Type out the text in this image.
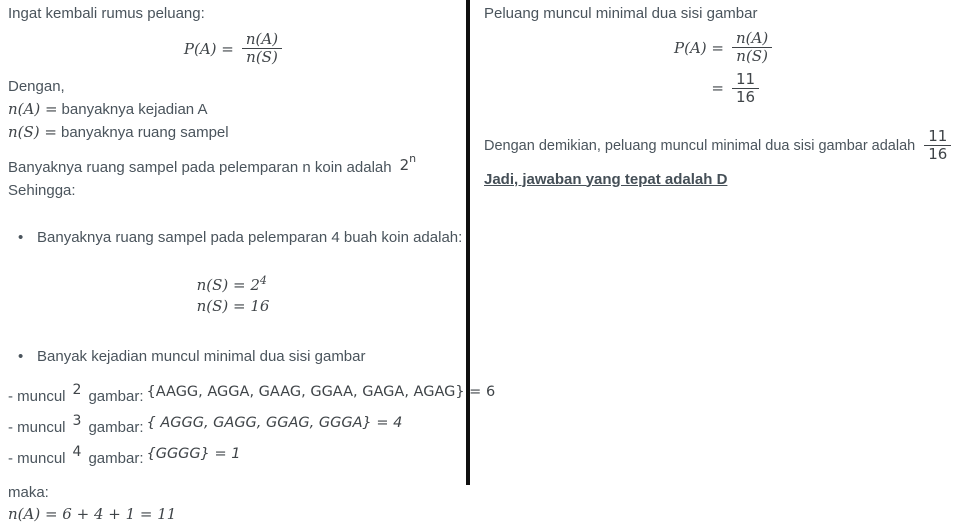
Ingat kembali rumus peluang:

$P(A) = \frac{n(A)}{n(S)}$

Dengan,

n(A) = banyaknya kejadian A

n(S) = banyaknya ruang sampel

Banyaknya ruang sampel pada pelemparan n koin adalah 2$^n$

Sehingga:

•
Banyaknya ruang sampel pada pelemparan 4 buah koin adalah:
$n(S) = 2^4$
n(S) = 16
•
Banyak kejadian muncul minimal dua sisi gambar
- muncul 2 gambar: {AAGG, AGGA, GAAG, GGAA, GAGA, AGAG} = 6
- muncul 3 gambar: { AGGG, GAGG, GGAG, GGGA} = 4
- muncul 4 gambar: {GGGG} = 1

maka:

n(A) = 6 + 4 + 1 = 11

Peluang muncul minimal dua sisi gambar

$P(A) = \frac{n(A)}{n(S)}$
= $\frac{11}{16}$
Dengan demikian, peluang muncul minimal dua sisi gambar adalah $\frac{11}{16}$

Jadi, jawaban yang tepat adalah D
